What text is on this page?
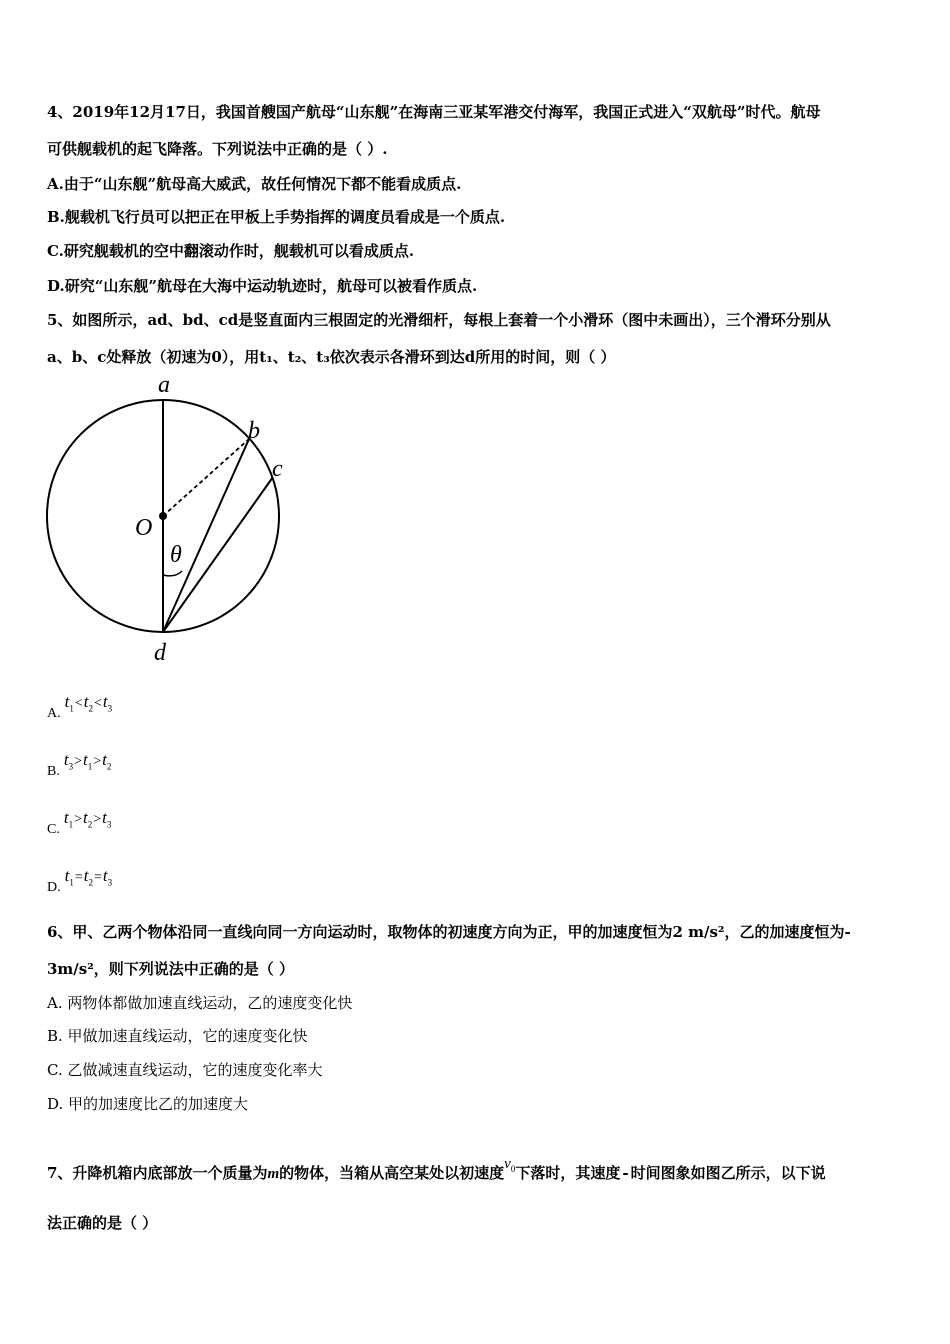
4、2019年12月17日，我国首艘国产航母“山东舰”在海南三亚某军港交付海军，我国正式进入“双航母”时代。航母
可供舰载机的起飞降落。下列说法中正确的是（ ）.
A.由于“山东舰”航母高大威武，故任何情况下都不能看成质点.
B.舰载机飞行员可以把正在甲板上手势指挥的调度员看成是一个质点.
C.研究舰载机的空中翻滚动作时，舰载机可以看成质点.
D.研究“山东舰”航母在大海中运动轨迹时，航母可以被看作质点.
5、如图所示，ad、bd、cd是竖直面内三根固定的光滑细杆，每根上套着一个小滑环（图中未画出），三个滑环分别从
a、b、c处释放（初速为0），用t₁、t₂、t₃依次表示各滑环到达d所用的时间，则（ ）
a
b
c
O
θ
d
$A.t_1<t_2<t_3$
$B.t_3>t_1>t_2$
$C.t_1>t_2>t_3$
$D.t_1=t_2=t_3$
6、甲、乙两个物体沿同一直线向同一方向运动时，取物体的初速度方向为正，甲的加速度恒为2 m/s²，乙的加速度恒为-
3m/s²，则下列说法中正确的是（ ）
A. 两物体都做加速直线运动，乙的速度变化快
B. 甲做加速直线运动，它的速度变化快
C. 乙做减速直线运动，它的速度变化率大
D. 甲的加速度比乙的加速度大
7、升降机箱内底部放一个质量为m的物体，当箱从高空某处以初速度$v_0$下落时，其速度 - 时间图象如图乙所示，以下说
法正确的是（ ）
